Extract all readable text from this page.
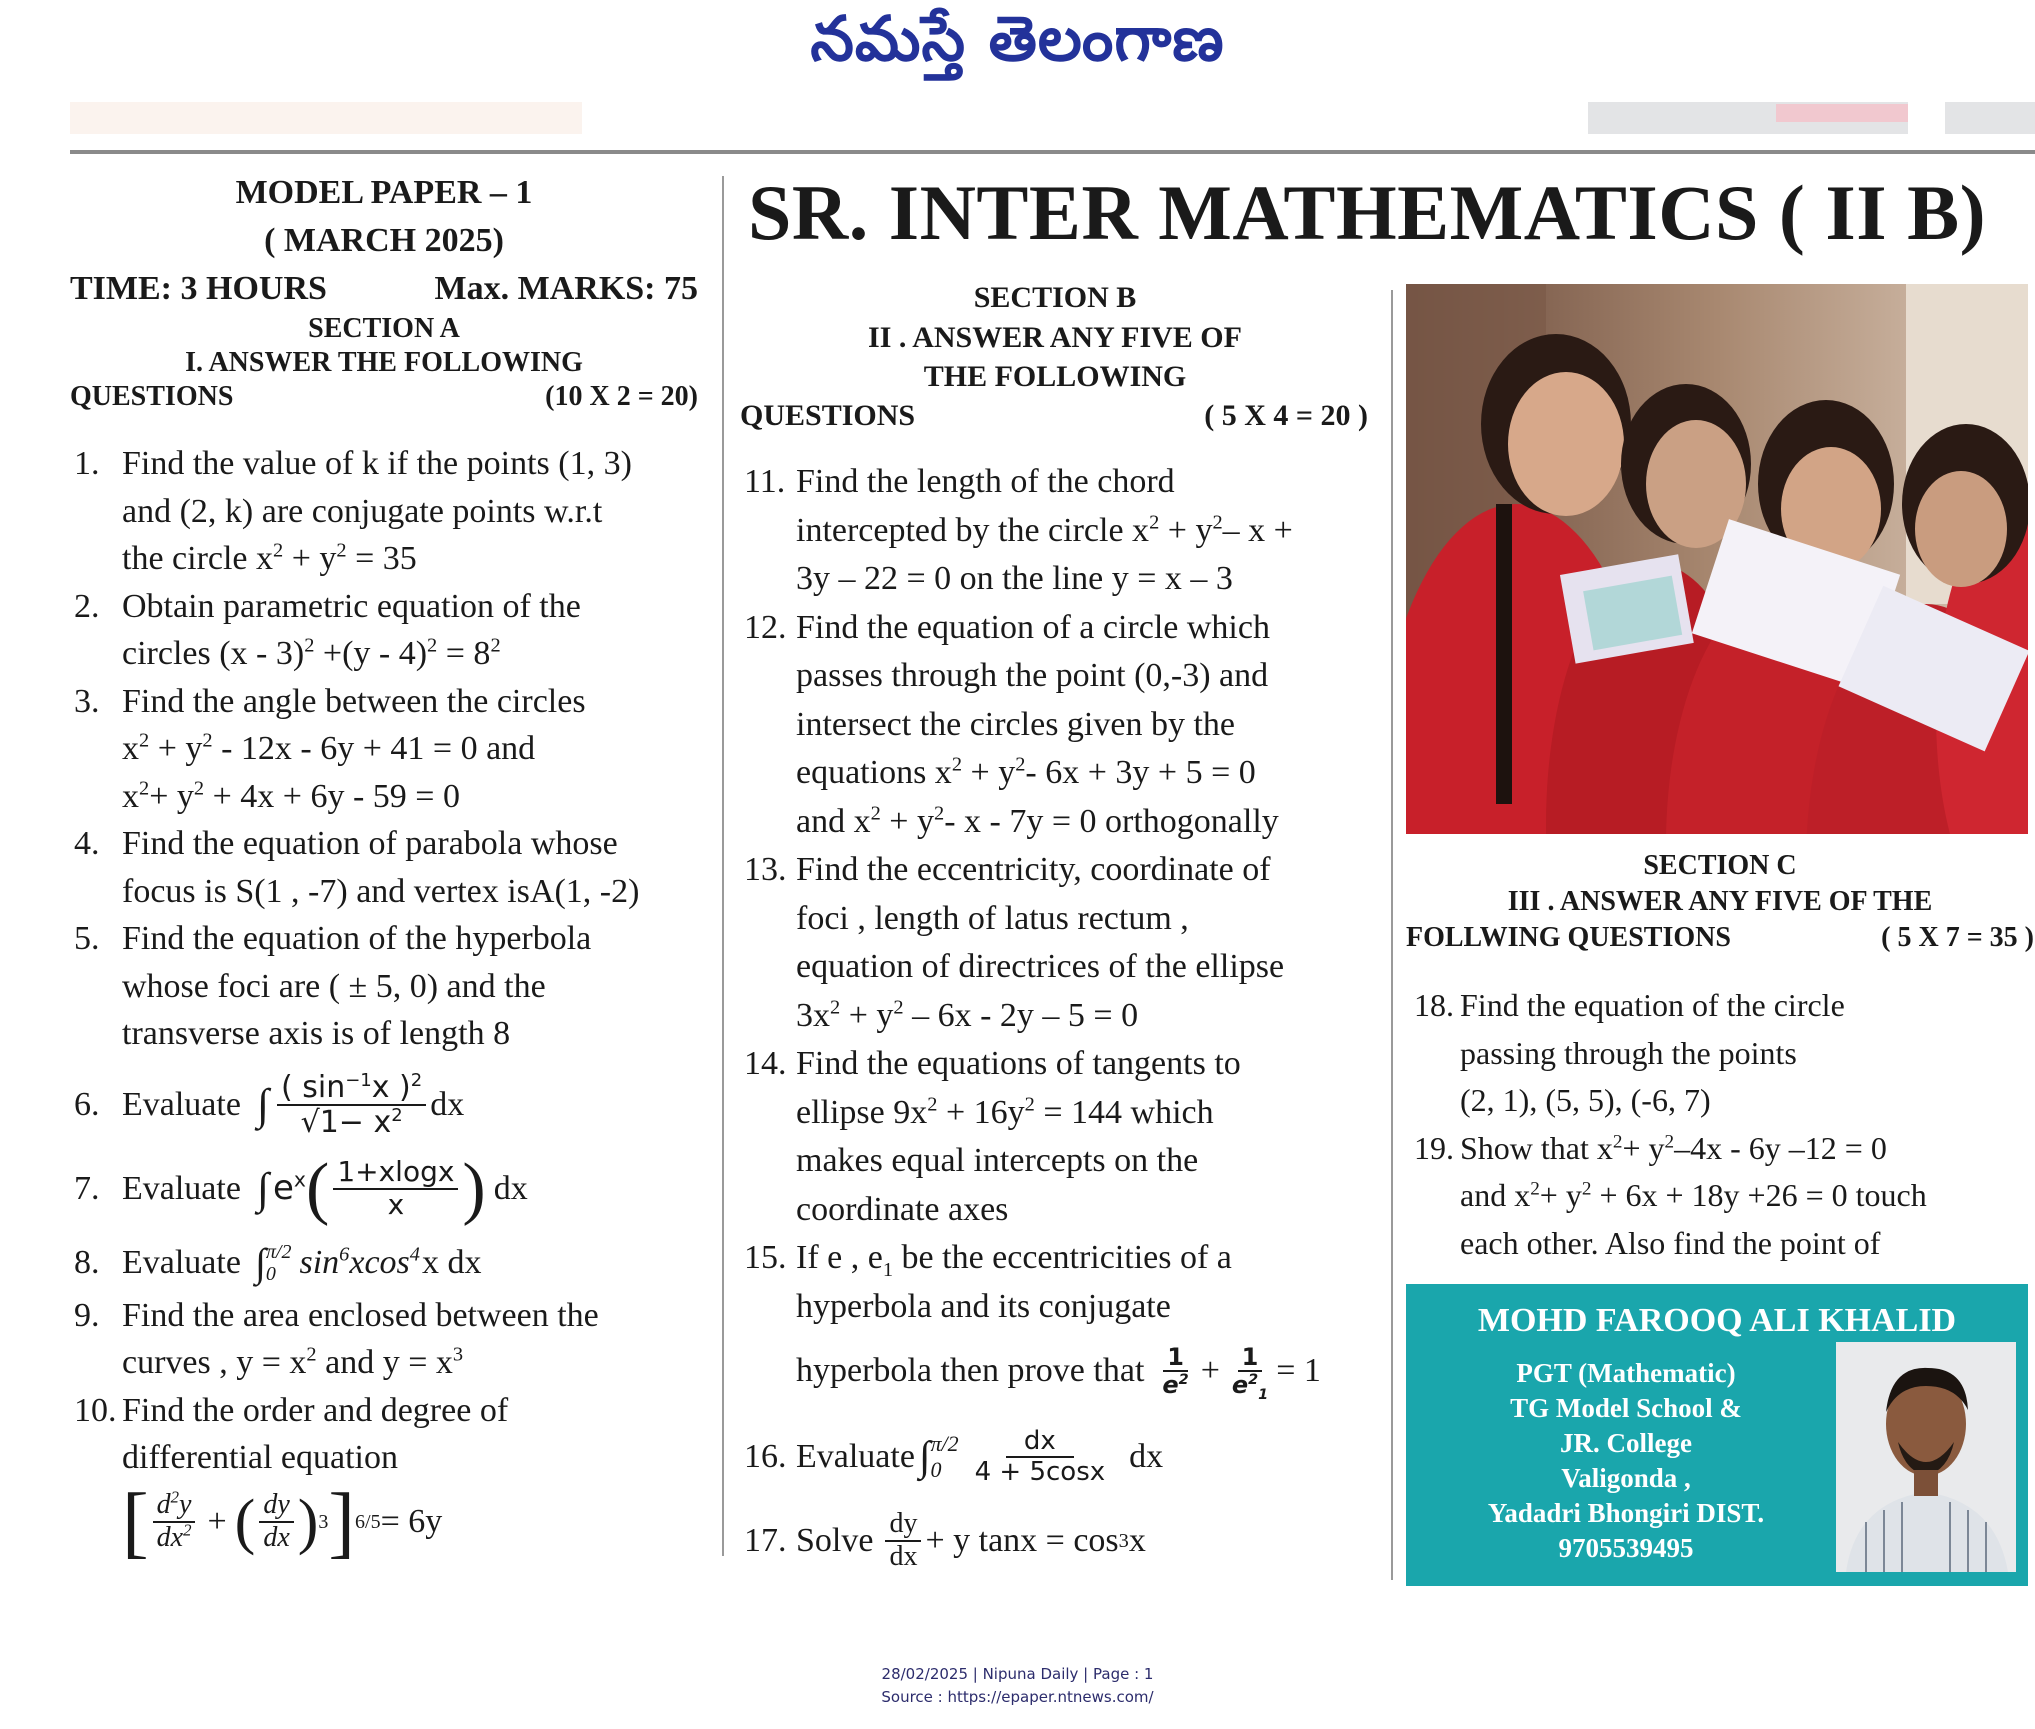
నమస్తే తెలంగాణ
SR. INTER MATHEMATICS ( II B)
MODEL PAPER – 1
( MARCH 2025)
TIME: 3 HOURS	Max. MARKS: 75
SECTION A
I. ANSWER THE FOLLOWING
QUESTIONS	(10 X 2 = 20)
1. Find the value of k if the points (1, 3)
and (2, k) are conjugate points w.r.t
the circle $x^2 + y^2 = 35$
2. Obtain parametric equation of the
circles $(x - 3)^2 +(y - 4)^2 = 8^2$
3. Find the angle between the circles
$x^2 + y^2 - 12x - 6y + 41 = 0$ and
$x^2+ y^2 + 4x + 6y - 59 = 0$
4. Find the equation of parabola whose
focus is S(1 , -7) and vertex isA(1, -2)
5. Find the equation of the hyperbola
whose foci are ( ± 5, 0) and the
transverse axis is of length 8
6. Evaluate ∫ $\frac{( \sin^{-1}x )^2}{√1- x^2}$ dx
7. Evaluate ∫ $e^x$ ( $\frac{1+xlogx}{x}$ ) dx
8. Evaluate ∫ π/2
0 $\sin^6xcos^4$ x dx
9. Find the area enclosed between the
curves , $y = x^2$ and $y = x^3$
10. Find the order and degree of
differential equation
[ $\frac{d^2y}{dx^2}$ + ( $\frac{dy}{dx}$ ) 3 ] 6/5 = 6y
SECTION B
II . ANSWER ANY FIVE OF
THE FOLLOWING
QUESTIONS	( 5 X 4 = 20 )
11. Find the length of the chord
intercepted by the circle $x^2 + y^2-$ x +
3y – 22 = 0 on the line y = x – 3
12. Find the equation of a circle which
passes through the point (0,-3) and
intersect the circles given by the
equations $x^2 + y^2-$ 6x + 3y + 5 = 0
and $x^2 + y^2-$ x - 7y = 0 orthogonally
13. Find the eccentricity, coordinate of
foci , length of latus rectum ,
equation of directrices of the ellipse
$3x^2 + y^2 - 6x - 2y - 5 = 0$
14. Find the equations of tangents to
ellipse $9x^2 + 16y^2 = 144$ which
makes equal intercepts on the
coordinate axes
15. If e , $e_1$ be the eccentricities of a
hyperbola and its conjugate
hyperbola then prove that $\frac{1}{e^2} + \frac{1}{e^2_1} = 1$
16. Evaluate ∫ π/2
0	$\frac{dx}{4 + 5\cos x}$ dx
17. Solve $\frac{dy}{dx} + y$ tanx = cos 3 x
SECTION C
III . ANSWER ANY FIVE OF THE
FOLLWING QUESTIONS	( 5 X 7 = 35 )
18. Find the equation of the circle
passing through the points
(2, 1), (5, 5), (-6, 7)
19. Show that $x^2+ y^2-4x - 6y$ –12 = 0
and $x^2+ y^2 + 6x + 18y +26 = 0$ touch
each other. Also find the point of
MOHD FAROOQ ALI KHALID
PGT (Mathematic)
TG Model School &
JR. College
Valigonda ,
Yadadri Bhongiri DIST.
9705539495
28/02/2025 | Nipuna Daily | Page : 1
Source : https://epaper.ntnews.com/
